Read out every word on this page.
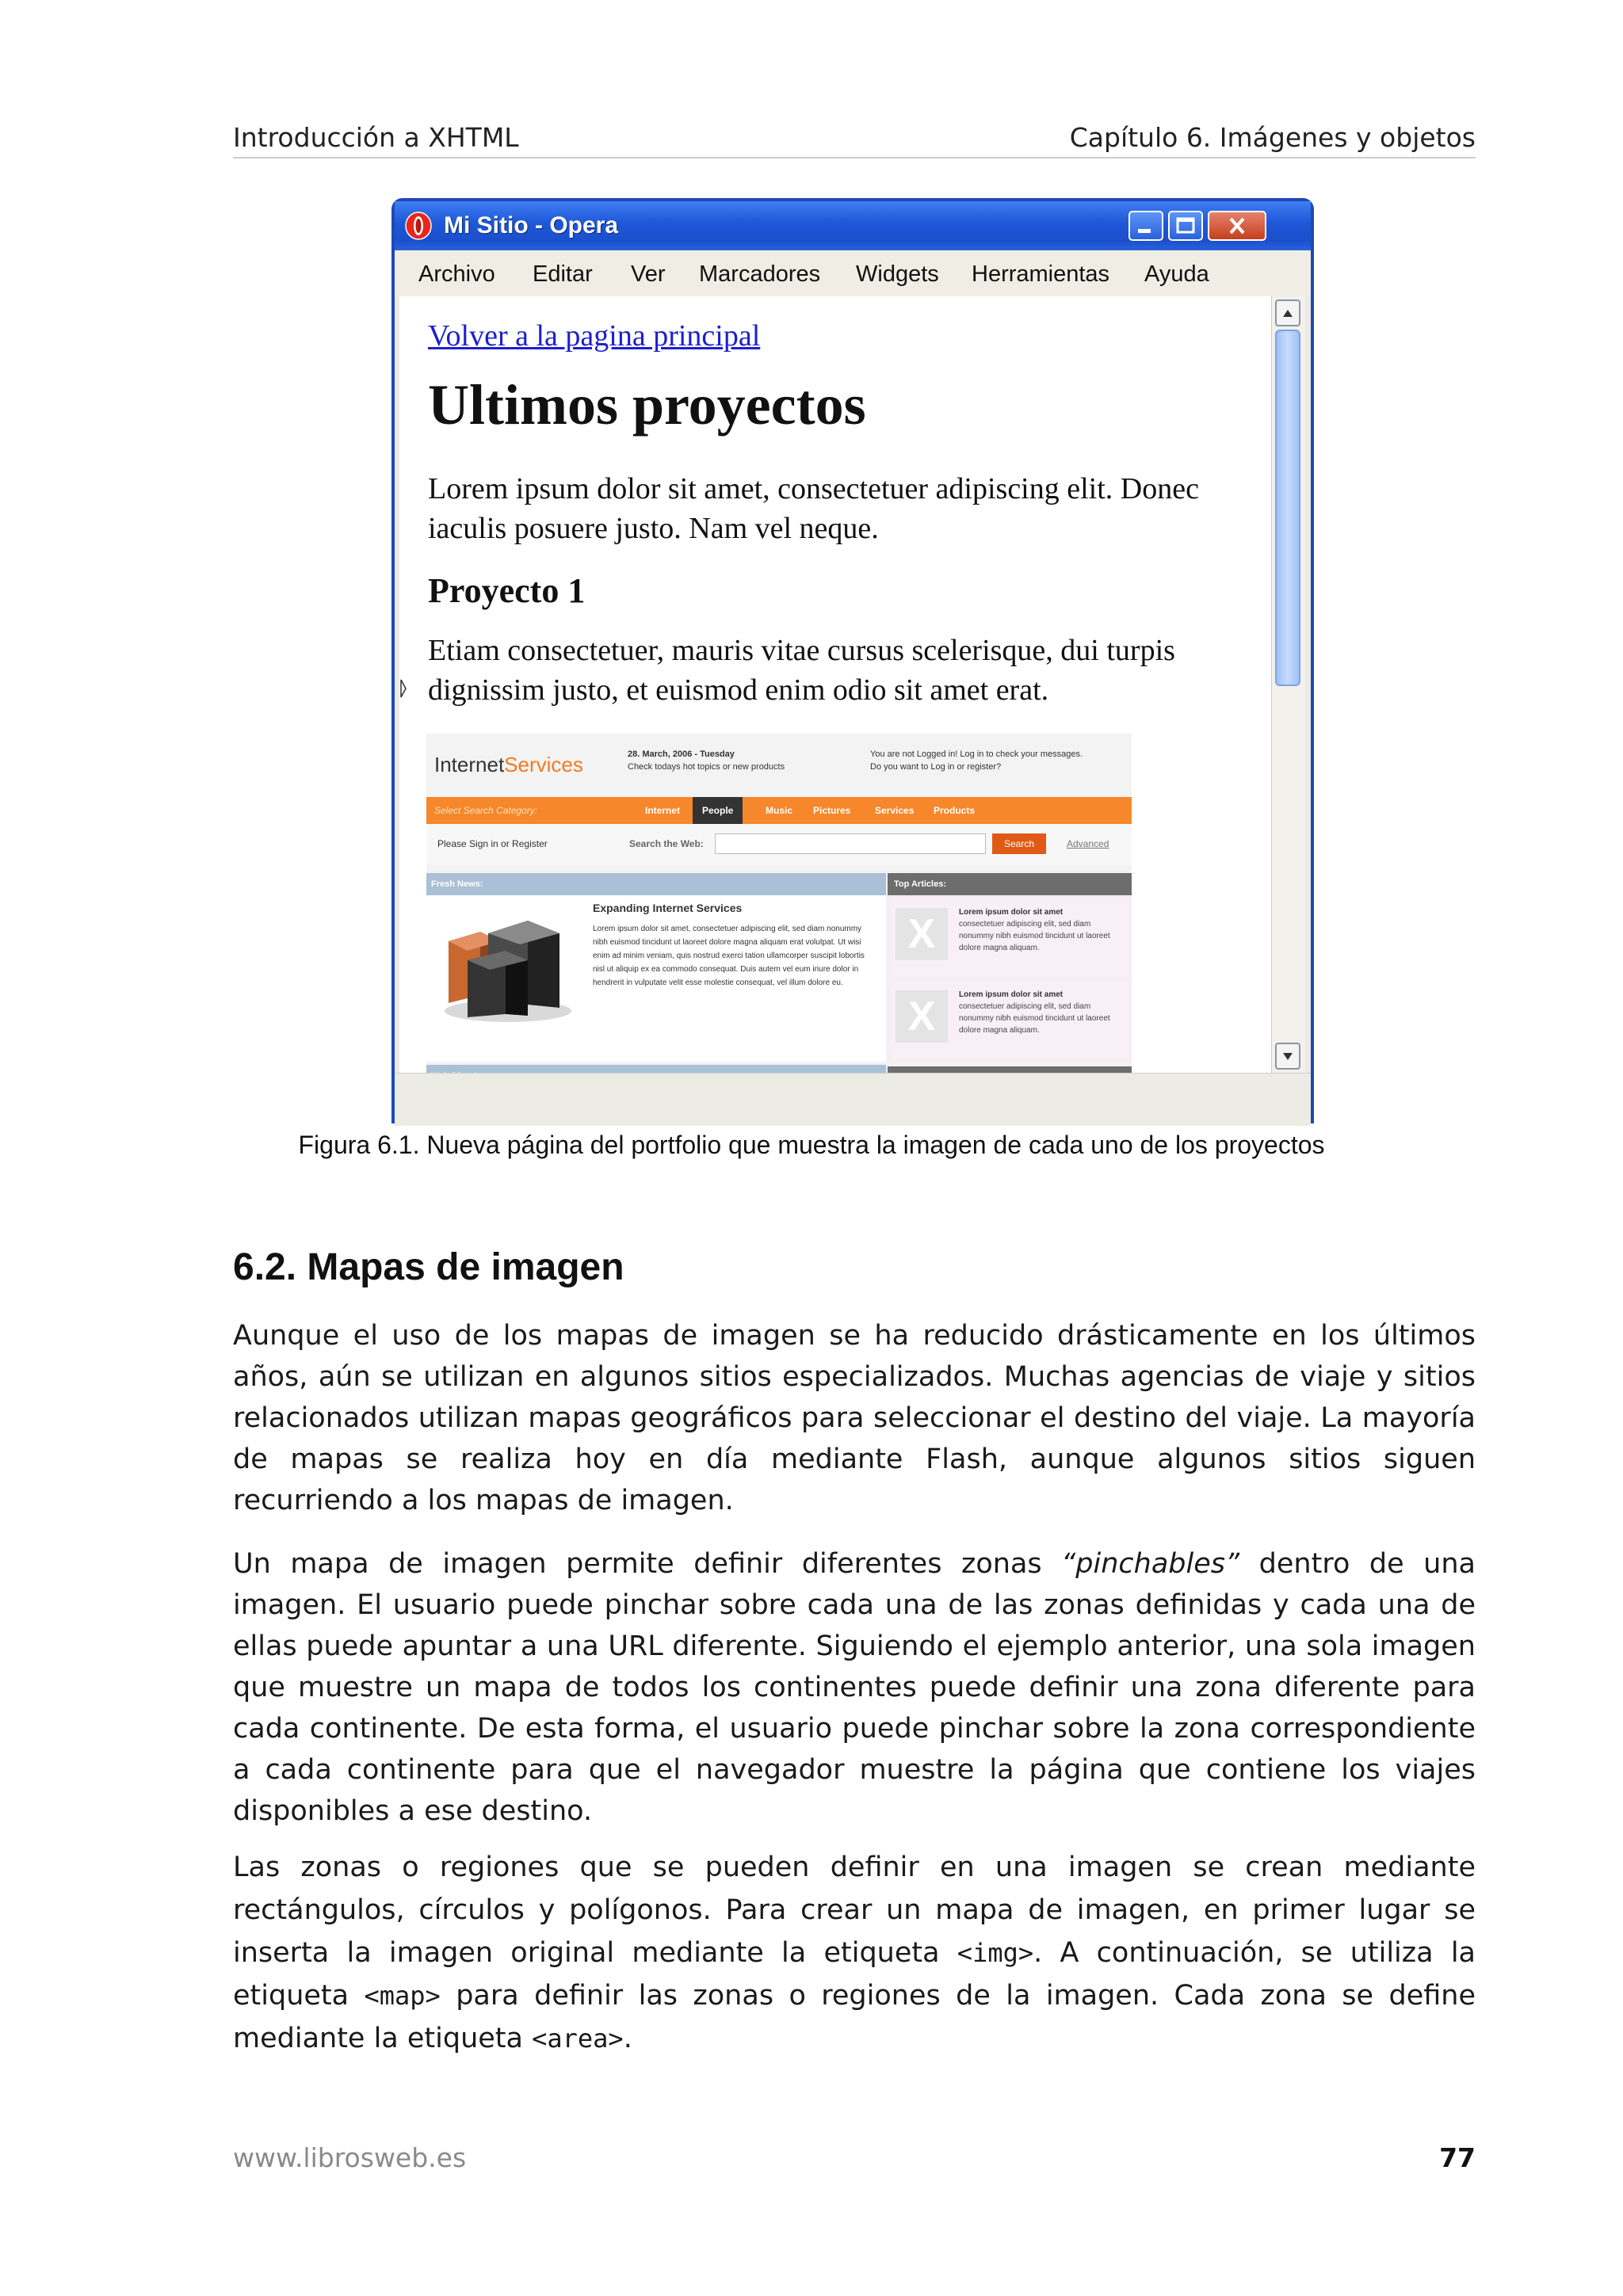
Introducción a XHTML	Capítulo 6. Imágenes y objetos
Mi Sitio - Opera
Archivo Editar Ver Marcadores Widgets Herramientas Ayuda
Volver a la pagina principal
Ultimos proyectos
Lorem ipsum dolor sit amet, consectetuer adipiscing elit. Donec iaculis posuere justo. Nam vel neque.
Proyecto 1
Etiam consectetuer, mauris vitae cursus scelerisque, dui turpis dignissim justo, et euismod enim odio sit amet erat.
InternetServices	28. March, 2006 - Tuesday
Check todays hot topics or new products
You are not Logged in! Log in to check your messages.
Do you want to Log in or register?
Select Search Category:	Internet	People	Music Pictures	Services Products
Please Sign in or Register	Search the Web:	Search	Advanced
Fresh News:	Top Articles:
Expanding Internet Services
Lorem ipsum dolor sit amet, consectetuer adipiscing elit, sed diam nonummy nibh euismod tincidunt ut laoreet dolore magna aliquam erat volutpat. Ut wisi enim ad minim veniam, quis nostrud exerci tation ullamcorper suscipit lobortis nisl ut aliquip ex ea commodo consequat. Duis autem vel eum iriure dolor in hendrerit in vulputate velit esse molestie consequat, vel illum dolore eu.
X	Lorem ipsum dolor sit amet
consectetuer adipiscing elit, sed diam nonummy nibh euismod tincidunt ut laoreet dolore magna aliquam.
X	Lorem ipsum dolor sit amet
consectetuer adipiscing elit, sed diam nonummy nibh euismod tincidunt ut laoreet dolore magna aliquam.
Figura 6.1. Nueva página del portfolio que muestra la imagen de cada uno de los proyectos
6.2. Mapas de imagen

Aunque el uso de los mapas de imagen se ha reducido drásticamente en los últimos años, aún se utilizan en algunos sitios especializados. Muchas agencias de viaje y sitios relacionados utilizan mapas geográficos para seleccionar el destino del viaje. La mayoría de mapas se realiza hoy en día mediante Flash, aunque algunos sitios siguen recurriendo a los mapas de imagen.

Un mapa de imagen permite definir diferentes zonas “pinchables” dentro de una imagen. El usuario puede pinchar sobre cada una de las zonas definidas y cada una de ellas puede apuntar a una URL diferente. Siguiendo el ejemplo anterior, una sola imagen que muestre un mapa de todos los continentes puede definir una zona diferente para cada continente. De esta forma, el usuario puede pinchar sobre la zona correspondiente a cada continente para que el navegador muestre la página que contiene los viajes disponibles a ese destino.

Las zonas o regiones que se pueden definir en una imagen se crean mediante rectángulos, círculos y polígonos. Para crear un mapa de imagen, en primer lugar se inserta la imagen original mediante la etiqueta <img>. A continuación, se utiliza la etiqueta <map> para definir las zonas o regiones de la imagen. Cada zona se define mediante la etiqueta <area>.

www.librosweb.es	77
